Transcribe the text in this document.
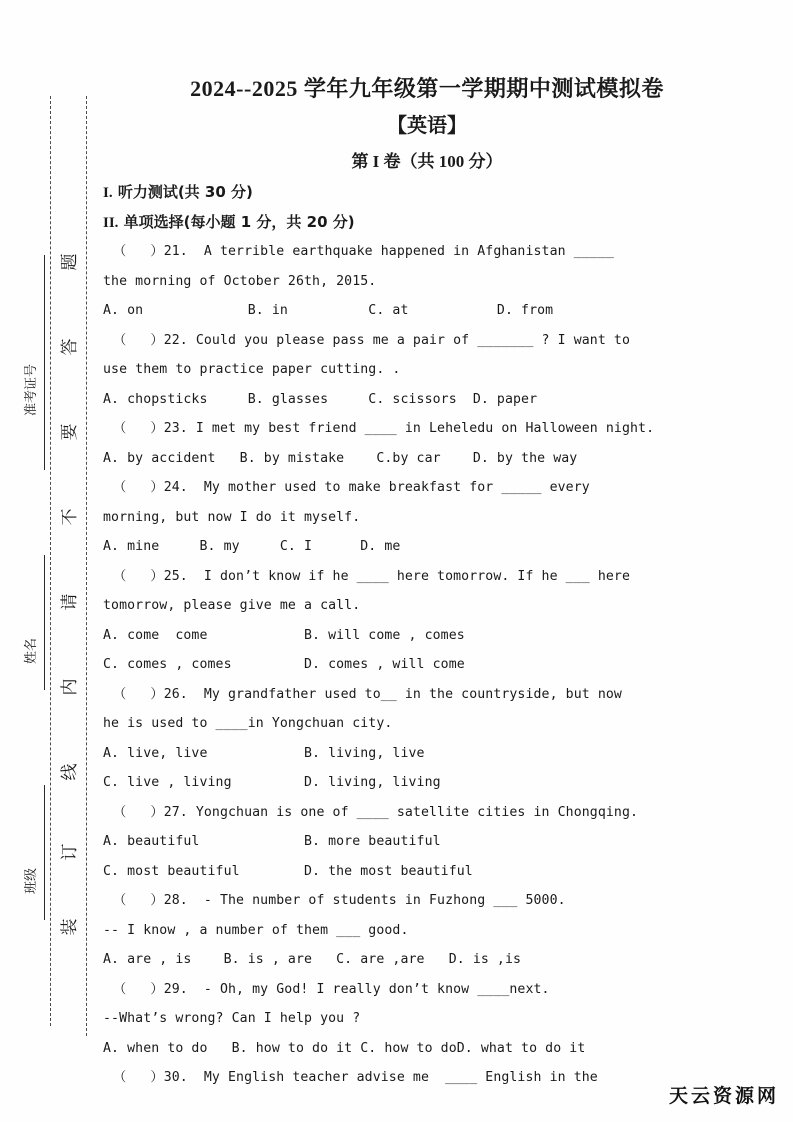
题
答
要
不
请
内
线
订
装
准考证号
姓名
班级
2024--2025 学年九年级第一学期期中测试模拟卷
【英语】
第 I 卷（共 100 分）
I. 听力测试(共 30 分)
II. 单项选择(每小题 1 分，共 20 分)
（   ）21.  A terrible earthquake happened in Afghanistan _____
the morning of October 26th, 2015.
A. on             B. in          C. at           D. from
（   ）22. Could you please pass me a pair of _______ ? I want to
use them to practice paper cutting. .
A. chopsticks     B. glasses     C. scissors  D. paper
（   ）23. I met my best friend ____ in Leheledu on Halloween night.
A. by accident   B. by mistake    C.by car    D. by the way
（   ）24.  My mother used to make breakfast for _____ every
morning, but now I do it myself.
A. mine     B. my     C. I      D. me
（   ）25.  I don’t know if he ____ here tomorrow. If he ___ here
tomorrow, please give me a call.
A. come  come            B. will come , comes
C. comes , comes         D. comes , will come
（   ）26.  My grandfather used to__ in the countryside, but now
he is used to ____in Yongchuan city.
A. live, live            B. living, live
C. live , living         D. living, living
（   ）27. Yongchuan is one of ____ satellite cities in Chongqing.
A. beautiful             B. more beautiful
C. most beautiful        D. the most beautiful
（   ）28.  - The number of students in Fuzhong ___ 5000.
-- I know , a number of them ___ good.
A. are , is    B. is , are   C. are ,are   D. is ,is
（   ）29.  - Oh, my God! I really don’t know ____next.
--What’s wrong? Can I help you ?
A. when to do   B. how to do it C. how to doD. what to do it
（   ）30.  My English teacher advise me  ____ English in the
天云资源网
